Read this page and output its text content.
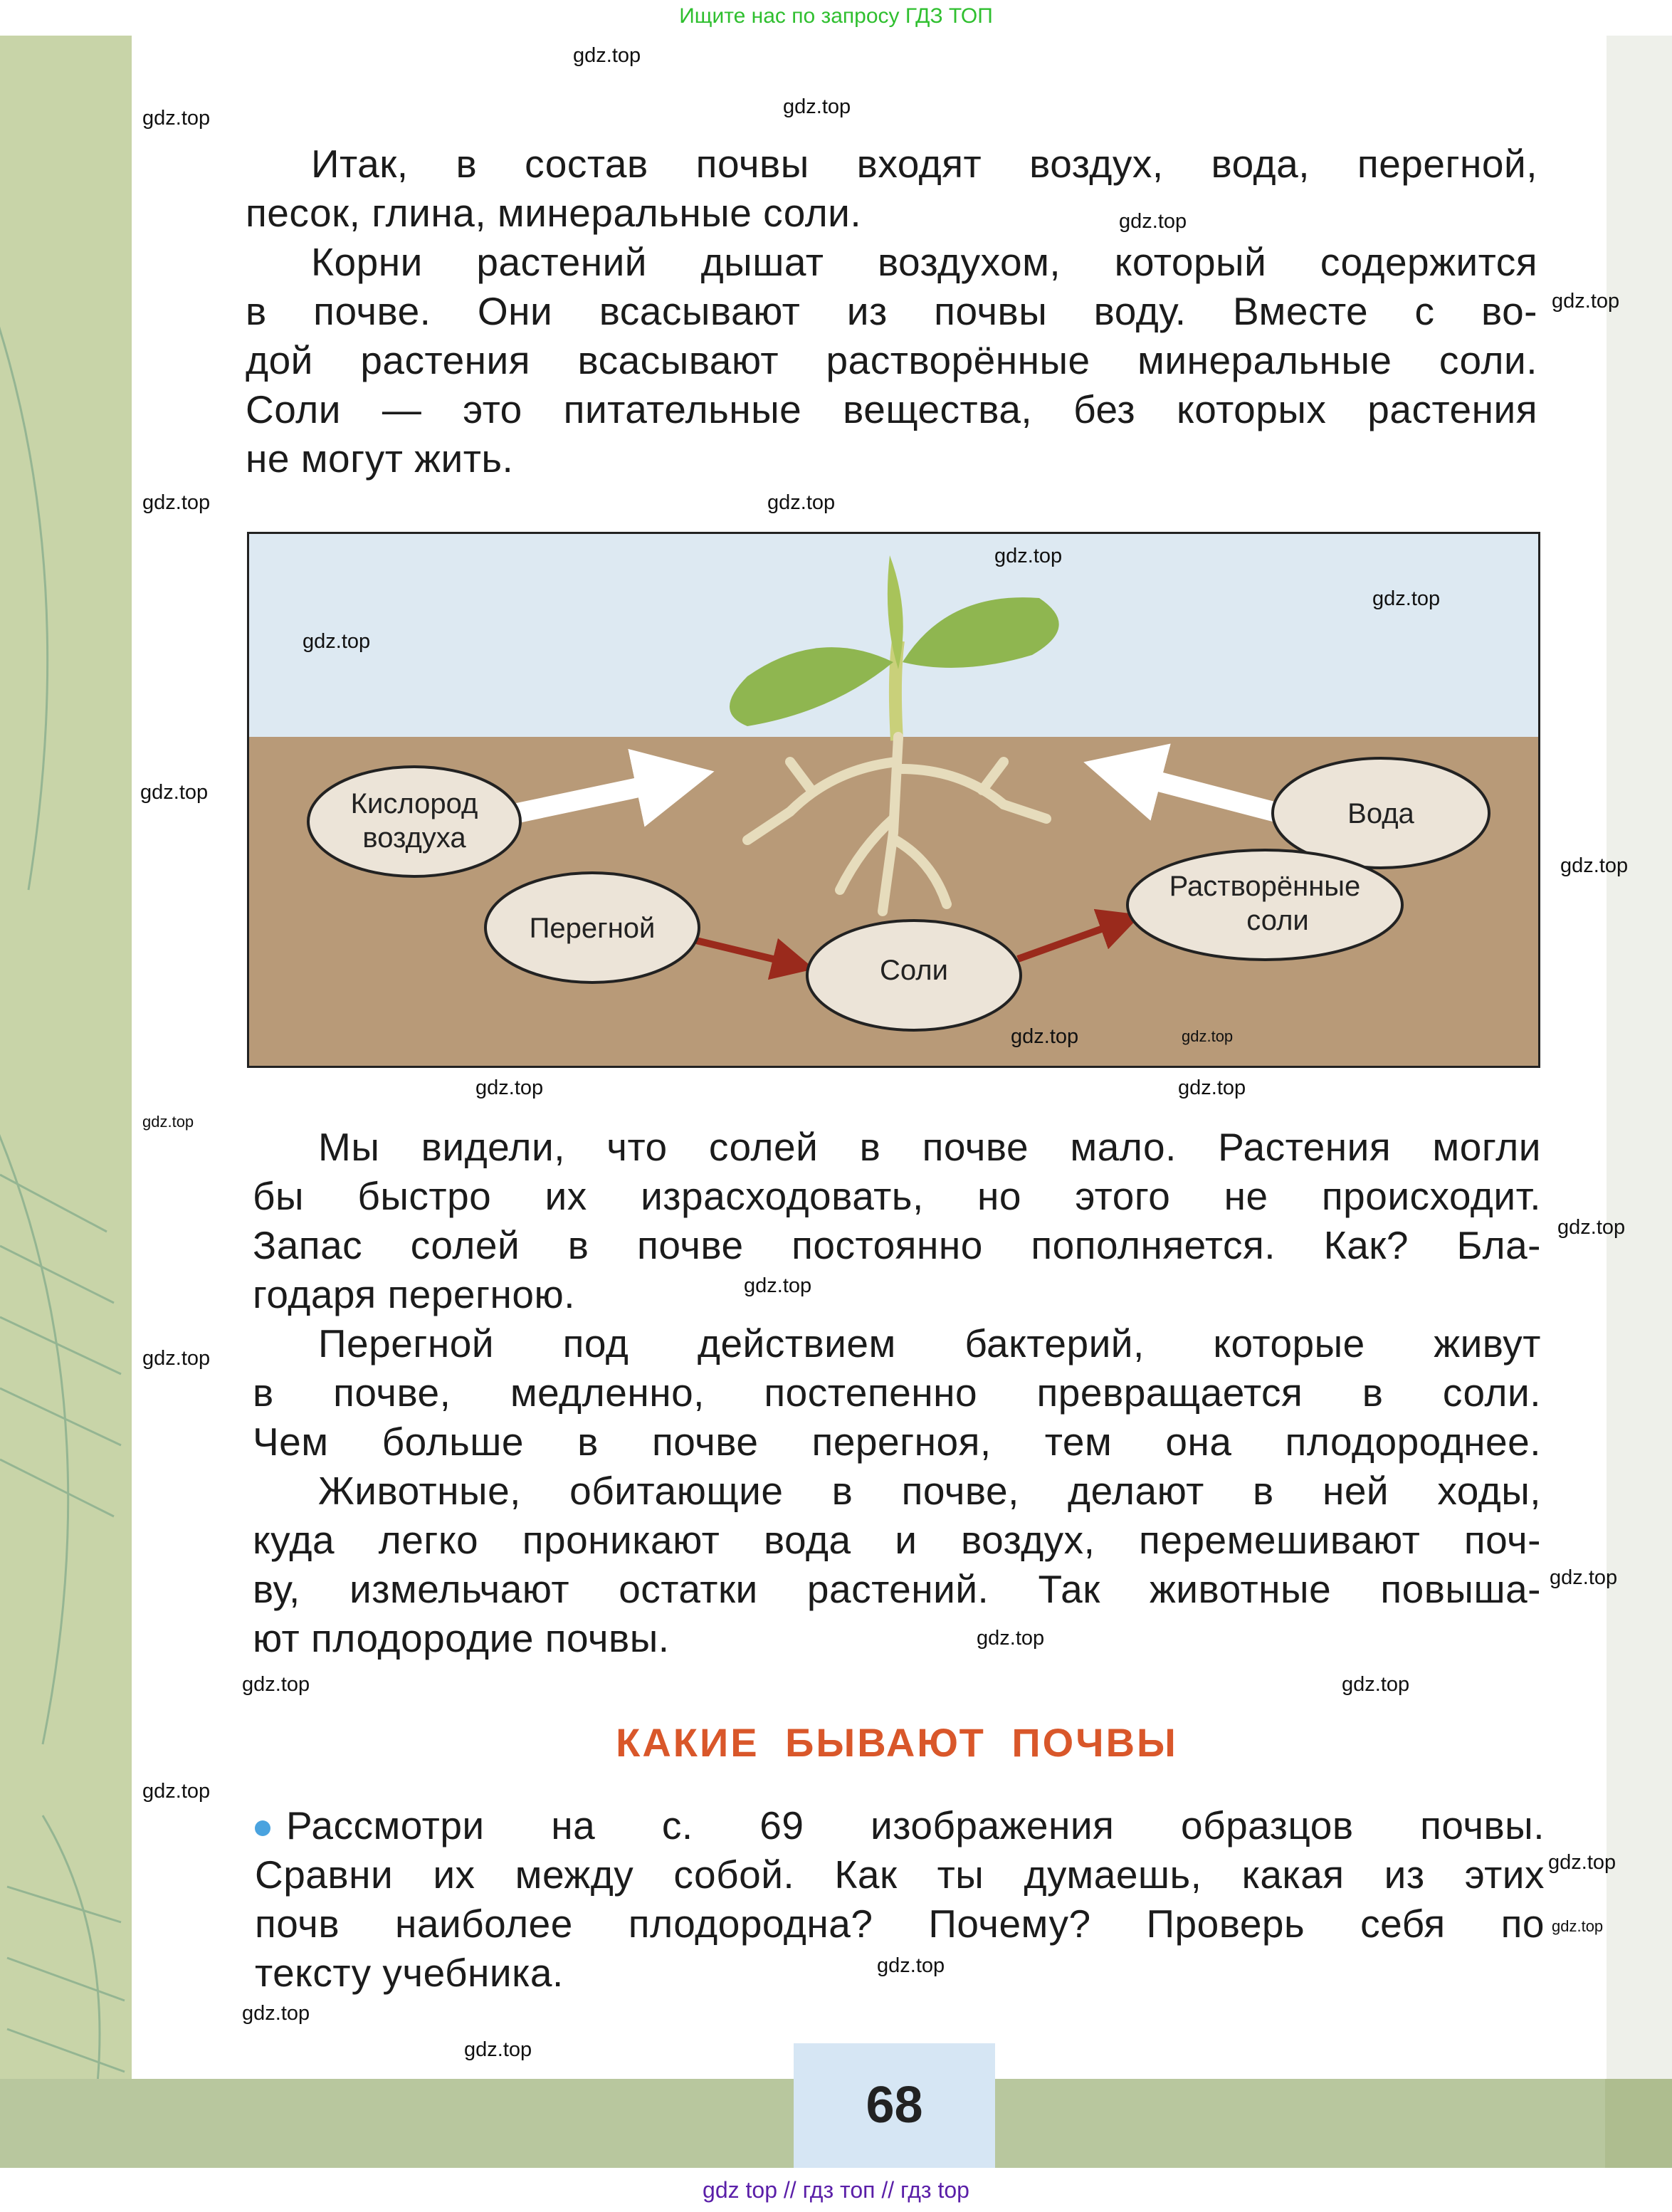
Ищите нас по запросу ГДЗ ТОП
Итак, в состав почвы входят воздух, вода, перегной,
песок, глина, минеральные соли.
Корни растений дышат воздухом, который содержится
в почве. Они всасывают из почвы воду. Вместе с во-
дой растения всасывают растворённые минеральные соли.
Соли — это питательные вещества, без которых растения
не могут жить.
Кислород
воздуха
Вода
Растворённые
соли
Перегной
Соли
Мы видели, что солей в почве мало. Растения могли
бы быстро их израсходовать, но этого не происходит.
Запас солей в почве постоянно пополняется. Как? Бла-
годаря перегною.
Перегной под действием бактерий, которые живут
в почве, медленно, постепенно превращается в соли.
Чем больше в почве перегноя, тем она плодороднее.
Животные, обитающие в почве, делают в ней ходы,
куда легко проникают вода и воздух, перемешивают поч-
ву, измельчают остатки растений. Так животные повыша-
ют плодородие почвы.
КАКИЕ БЫВАЮТ ПОЧВЫ
Рассмотри на с. 69 изображения образцов почвы.
Сравни их между собой. Как ты думаешь, какая из этих
почв наиболее плодородна? Почему? Проверь себя по
тексту учебника.
68
gdz.top
gdz.top
gdz.top
gdz.top
gdz.top
gdz.top
gdz.top
gdz.top
gdz.top
gdz.top
gdz.top
gdz.top
gdz.top
gdz.top
gdz.top
gdz.top
gdz.top
gdz.top
gdz.top
gdz.top
gdz.top
gdz.top
gdz.top	gdz.top
gdz.top
gdz.top
gdz.top
gdz.top
gdz.top
gdz.top
gdz top // гдз топ // гдз top
